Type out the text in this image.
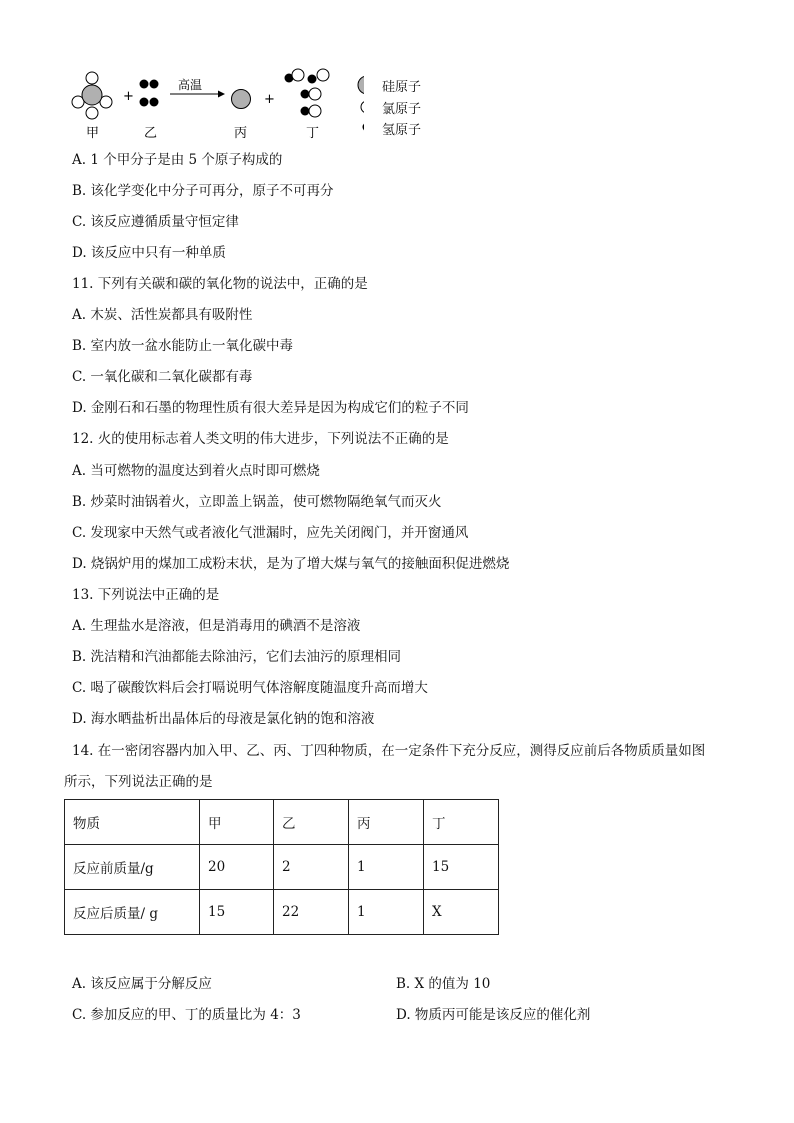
+
高温
+
甲	乙	丙	丁
硅原子
氯原子
氢原子
A. 1 个甲分子是由 5 个原子构成的
B. 该化学变化中分子可再分，原子不可再分
C. 该反应遵循质量守恒定律
D. 该反应中只有一种单质
11. 下列有关碳和碳的氧化物的说法中，正确的是
A. 木炭、活性炭都具有吸附性
B. 室内放一盆水能防止一氧化碳中毒
C. 一氧化碳和二氧化碳都有毒
D. 金刚石和石墨的物理性质有很大差异是因为构成它们的粒子不同
12. 火的使用标志着人类文明的伟大进步，下列说法不正确的是
A. 当可燃物的温度达到着火点时即可燃烧
B. 炒菜时油锅着火，立即盖上锅盖，使可燃物隔绝氧气而灭火
C. 发现家中天然气或者液化气泄漏时，应先关闭阀门，并开窗通风
D. 烧锅炉用的煤加工成粉末状，是为了增大煤与氧气的接触面积促进燃烧
13. 下列说法中正确的是
A. 生理盐水是溶液，但是消毒用的碘酒不是溶液
B. 洗洁精和汽油都能去除油污，它们去油污的原理相同
C. 喝了碳酸饮料后会打嗝说明气体溶解度随温度升高而增大
D. 海水晒盐析出晶体后的母液是氯化钠的饱和溶液
14. 在一密闭容器内加入甲、乙、丙、丁四种物质，在一定条件下充分反应，测得反应前后各物质质量如图
所示，下列说法正确的是
物质	甲	乙	丙	丁
反应前质量/g	20	2	1	15
反应后质量/ g	15	22	1	X
A. 该反应属于分解反应	B. X 的值为 10
C. 参加反应的甲、丁的质量比为 4：3	D. 物质丙可能是该反应的催化剂
